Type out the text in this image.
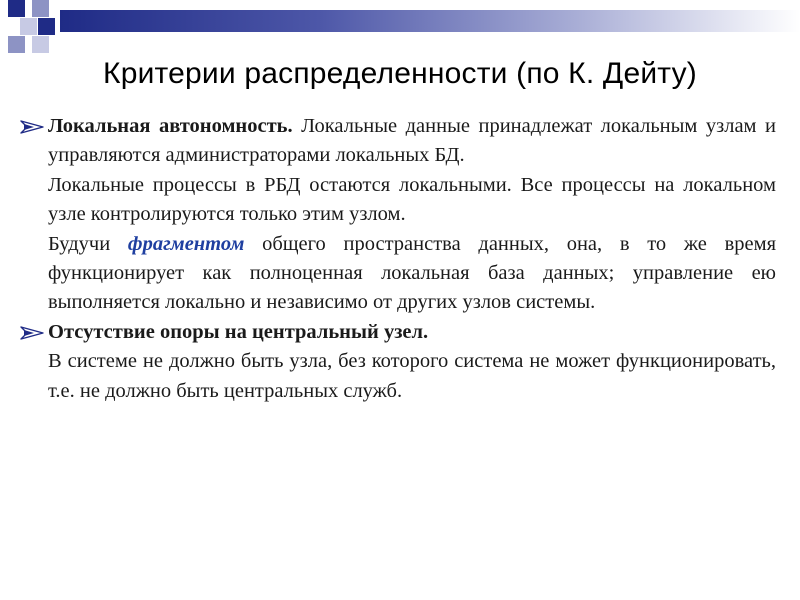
Критерии распределенности (по К. Дейту)

Локальная автономность. Локальные данные принадлежат локальным узлам и управляются администраторами локальных БД.

Локальные процессы в РБД остаются локальными. Все процессы на локальном узле контролируются только этим узлом.

Будучи фрагментом общего пространства данных, она, в то же время функционирует как полноценная локальная база данных; управление ею выполняется локально и независимо от других узлов системы.

Отсутствие опоры на центральный узел.

В системе не должно быть узла, без которого система не может функционировать, т.е. не должно быть центральных служб.
